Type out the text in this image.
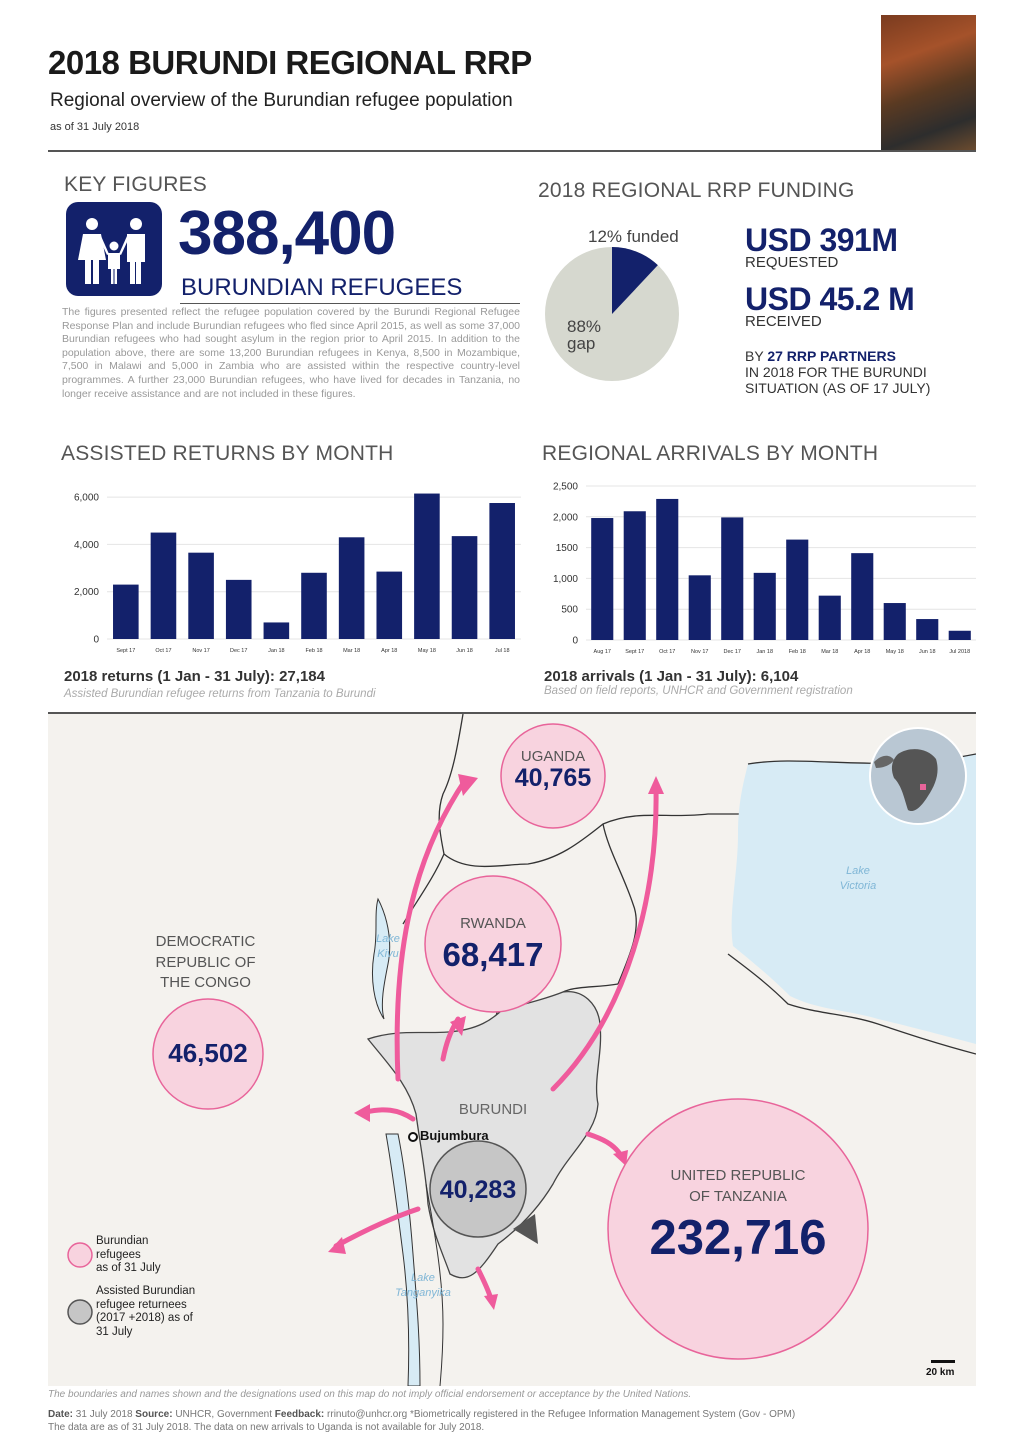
2018 BURUNDI REGIONAL RRP
Regional overview of the Burundian refugee population
as of 31 July 2018
KEY FIGURES
388,400
BURUNDIAN REFUGEES
The figures presented reflect the refugee population covered by the Burundi Regional Refugee Response Plan and include Burundian refugees who fled since April 2015, as well as some 37,000 Burundian refugees who had sought asylum in the region prior to April 2015. In addition to the population above, there are some 13,200 Burundian refugees in Kenya, 8,500 in Mozambique, 7,500 in Malawi and 5,000 in Zambia who are assisted within the respective country-level programmes. A further 23,000 Burundian refugees, who have lived for decades in Tanzania, no longer receive assistance and are not included in these figures.
2018 REGIONAL RRP FUNDING
12% funded
88%
gap
USD 391M
REQUESTED
USD 45.2 M
RECEIVED
BY 27 RRP PARTNERS
IN 2018 FOR THE BURUNDI SITUATION (AS OF 17 JULY)
ASSISTED RETURNS BY MONTH	REGIONAL ARRIVALS BY MONTH
0
2,000
4,000
6,000
Sept 17	Oct 17	Nov 17	Dec 17	Jan 18	Feb 18	Mar 18	Apr 18	May 18	Jun 18	Jul 18
0
500
1,000
1500
2,000
2,500
Aug 17	Sept 17	Oct 17	Nov 17	Dec 17	Jan 18	Feb 18	Mar 18	Apr 18	May 18	Jun 18	Jul 2018
2018 returns (1 Jan - 31 July): 27,184
Assisted Burundian refugee returns from Tanzania to Burundi
2018 arrivals (1 Jan - 31 July): 6,104
Based on field reports, UNHCR and Government registration
UGANDA
40,765
RWANDA
68,417
DEMOCRATIC
REPUBLIC OF
THE CONGO
46,502
BURUNDI
Bujumbura
40,283
UNITED REPUBLIC
OF TANZANIA
232,716
Lake
Kivu
Lake
Victoria
Lake
Tanganyika
Burundian
refugees
as of 31 July
Assisted Burundian
refugee returnees
(2017 +2018) as of
31 July
20 km
The boundaries and names shown and the designations used on this map do not imply official endorsement or acceptance by the United Nations.
Date: 31 July 2018 Source: UNHCR, Government Feedback: rrinuto@unhcr.org *Biometrically registered in the Refugee Information Management System (Gov - OPM)
The data are as of 31 July 2018. The data on new arrivals to Uganda is not available for July 2018.
